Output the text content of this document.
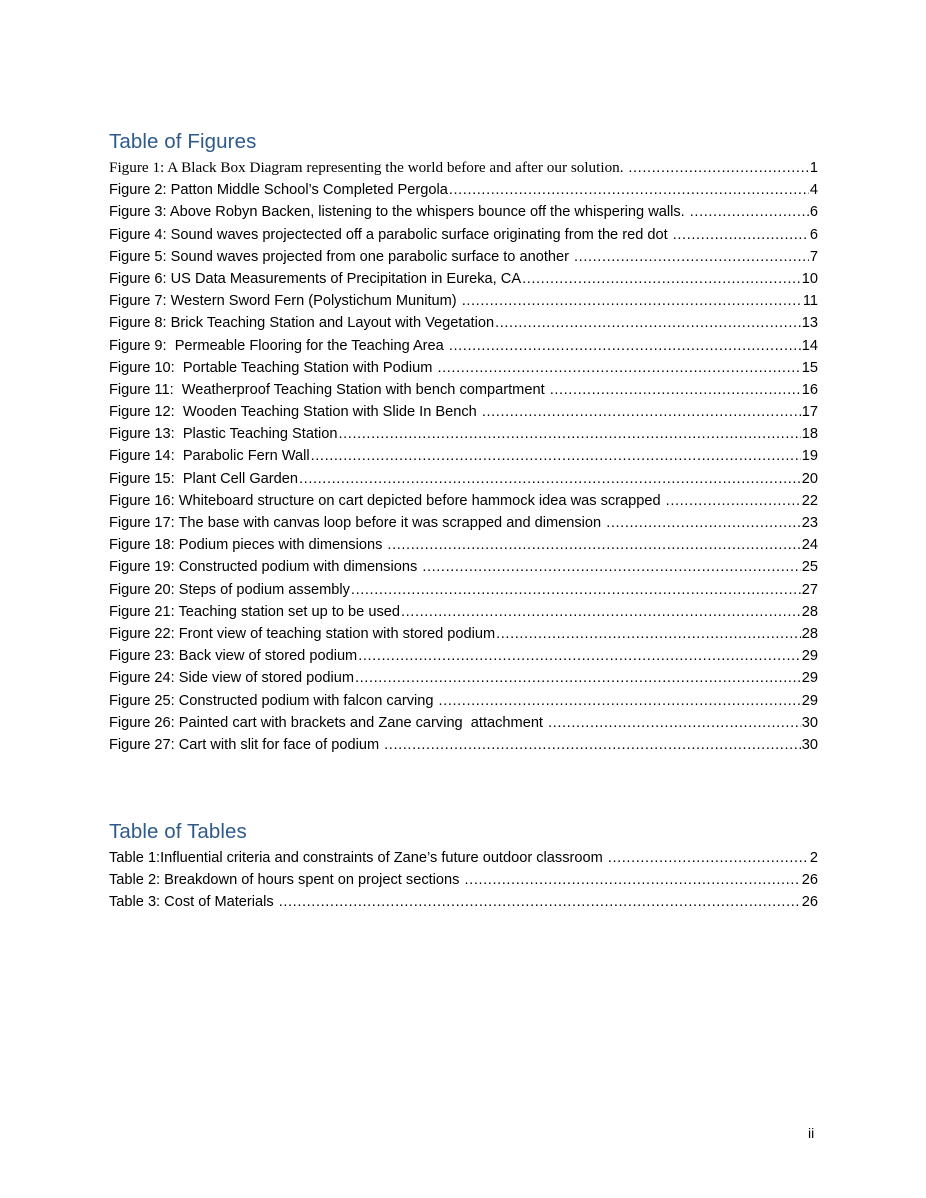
Table of Figures
Figure 1: A Black Box Diagram representing the world before and after our solution. .....	1
Figure 2: Patton Middle School’s Completed Pergola .....	4
Figure 3: Above Robyn Backen, listening to the whispers bounce off the whispering walls. .....	6
Figure 4: Sound waves projectected off a parabolic surface originating from the red dot .....	6
Figure 5: Sound waves projected from one parabolic surface to another .....	7
Figure 6: US Data Measurements of Precipitation in Eureka, CA .....	10
Figure 7: Western Sword Fern (Polystichum Munitum) .....	11
Figure 8: Brick Teaching Station and Layout with Vegetation .....	13
Figure 9:  Permeable Flooring for the Teaching Area .....	14
Figure 10:  Portable Teaching Station with Podium .....	15
Figure 11:  Weatherproof Teaching Station with bench compartment .....	16
Figure 12:  Wooden Teaching Station with Slide In Bench .....	17
Figure 13:  Plastic Teaching Station .....	18
Figure 14:  Parabolic Fern Wall .....	19
Figure 15:  Plant Cell Garden .....	20
Figure 16: Whiteboard structure on cart depicted before hammock idea was scrapped .....	22
Figure 17: The base with canvas loop before it was scrapped and dimension .....	23
Figure 18: Podium pieces with dimensions .....	24
Figure 19: Constructed podium with dimensions .....	25
Figure 20: Steps of podium assembly .....	27
Figure 21: Teaching station set up to be used .....	28
Figure 22: Front view of teaching station with stored podium .....	28
Figure 23: Back view of stored podium .....	29
Figure 24: Side view of stored podium .....	29
Figure 25: Constructed podium with falcon carving .....	29
Figure 26: Painted cart with brackets and Zane carving  attachment .....	30
Figure 27: Cart with slit for face of podium .....	30
Table of Tables
Table 1:Influential criteria and constraints of Zane’s future outdoor classroom .....	2
Table 2: Breakdown of hours spent on project sections .....	26
Table 3: Cost of Materials .....	26
ii
